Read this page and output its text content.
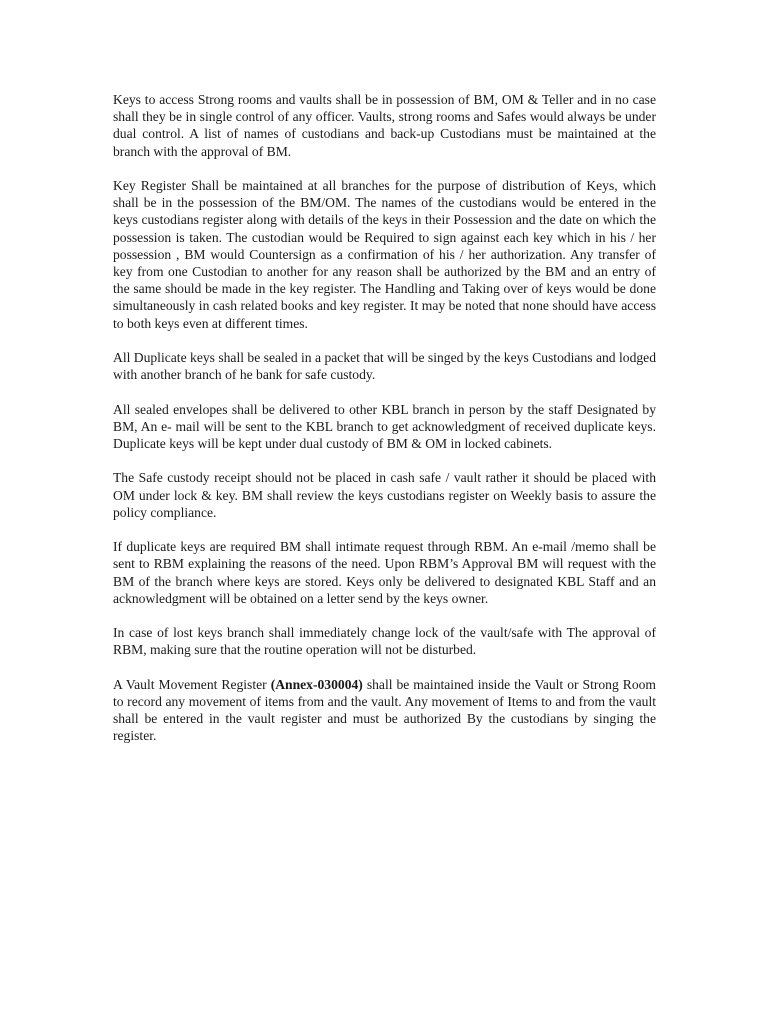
Keys to access Strong rooms and vaults shall be in possession of BM, OM & Teller and in no case shall they be in single control of any officer. Vaults, strong rooms and Safes would always be under dual control. A list of names of custodians and back-up Custodians must be maintained at the branch with the approval of BM.

Key Register Shall be maintained at all branches for the purpose of distribution of Keys, which shall be in the possession of the BM/OM. The names of the custodians would be entered in the keys custodians register along with details of the keys in their Possession and the date on which the possession is taken. The custodian would be Required to sign against each key which in his / her possession , BM would Countersign as a confirmation of his / her authorization. Any transfer of key from one Custodian to another for any reason shall be authorized by the BM and an entry of the same should be made in the key register. The Handling and Taking over of keys would be done simultaneously in cash related books and key register. It may be noted that none should have access to both keys even at different times.

All Duplicate keys shall be sealed in a packet that will be singed by the keys Custodians and lodged with another branch of he bank for safe custody.

All sealed envelopes shall be delivered to other KBL branch in person by the staff Designated by BM, An e- mail will be sent to the KBL branch to get acknowledgment of received duplicate keys. Duplicate keys will be kept under dual custody of BM & OM in locked cabinets.

The Safe custody receipt should not be placed in cash safe / vault rather it should be placed with OM under lock & key. BM shall review the keys custodians register on Weekly basis to assure the policy compliance.

If duplicate keys are required BM shall intimate request through RBM. An e-mail /memo shall be sent to RBM explaining the reasons of the need. Upon RBM’s Approval BM will request with the BM of the branch where keys are stored. Keys only be delivered to designated KBL Staff and an acknowledgment will be obtained on a letter send by the keys owner.

In case of lost keys branch shall immediately change lock of the vault/safe with The approval of RBM, making sure that the routine operation will not be disturbed.

A Vault Movement Register (Annex-030004) shall be maintained inside the Vault or Strong Room to record any movement of items from and the vault. Any movement of Items to and from the vault shall be entered in the vault register and must be authorized By the custodians by singing the register.
